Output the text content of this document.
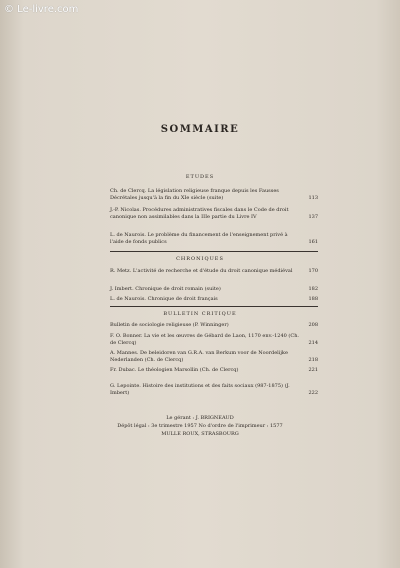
© Le-livre.com
SOMMAIRE
ETUDES
Ch. de Clercq. La législation religieuse franque depuis les Fausses Décrétales jusqu'à la fin du XIe siècle (suite)	113
J.-P. Nicolas. Procédures administratives fiscales dans le Code de droit canonique non assimilables dans la IIIe partie du Livre IV	137
L. de Naurois. Le problème du financement de l'enseignement privé à l'aide de fonds publics	161
CHRONIQUES
R. Metz. L'activité de recherche et d'étude du droit canonique médiéval	170
J. Imbert. Chronique de droit romain (suite)	182
L. de Naurois. Chronique de droit français	188
BULLETIN CRITIQUE
Bulletin de sociologie religieuse (P. Winninger)	208
F. O. Bonner. La vie et les œuvres de Gébard de Laon, 1170 env.-1240 (Ch. de Clercq)	214
A. Mannes. De beleidoren van G.R.A. van Berkum voor de Noordelijke Nederlanden (Ch. de Clercq)	218
Fr. Dubac. Le théologien Marsollin (Ch. de Clercq)	221
G. Lepointe. Histoire des institutions et des faits sociaux (987-1875) (J. Imbert)	222
Le gérant : J. BRIGNEAUD
Dépôt légal : 3e trimestre 1957 No d'ordre de l'imprimeur : 1577
MULLE ROUX, STRASBOURG
